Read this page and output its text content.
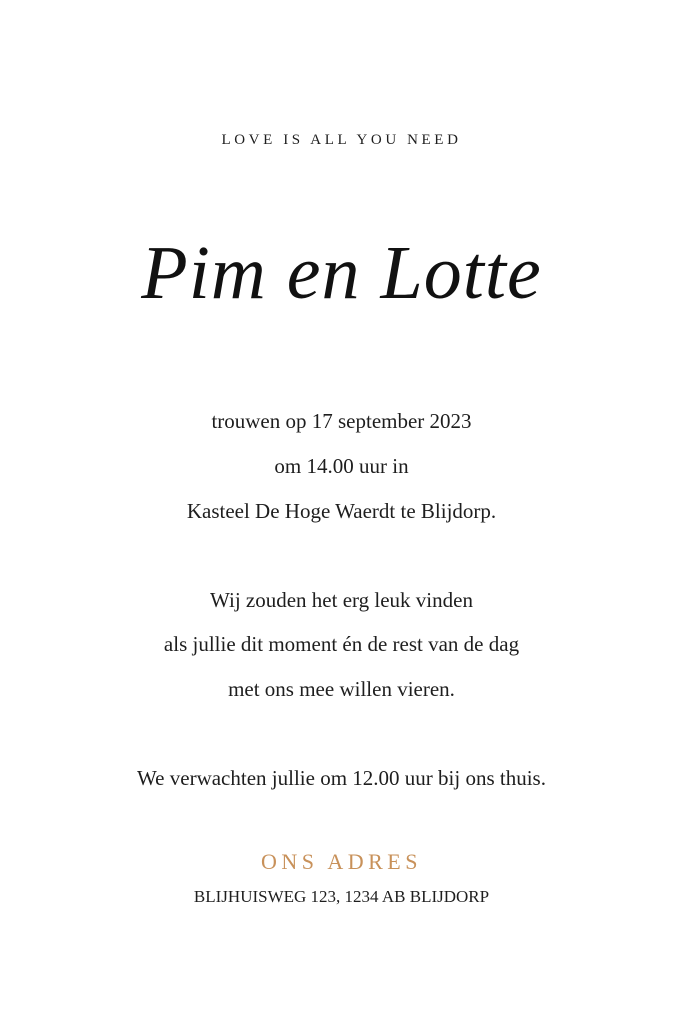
LOVE IS ALL YOU NEED
Pim en Lotte
trouwen op 17 september 2023
om 14.00 uur in
Kasteel De Hoge Waerdt te Blijdorp.
Wij zouden het erg leuk vinden
als jullie dit moment én de rest van de dag
met ons mee willen vieren.
We verwachten jullie om 12.00 uur bij ons thuis.
ONS ADRES
BLIJHUISWEG 123, 1234 AB BLIJDORP
